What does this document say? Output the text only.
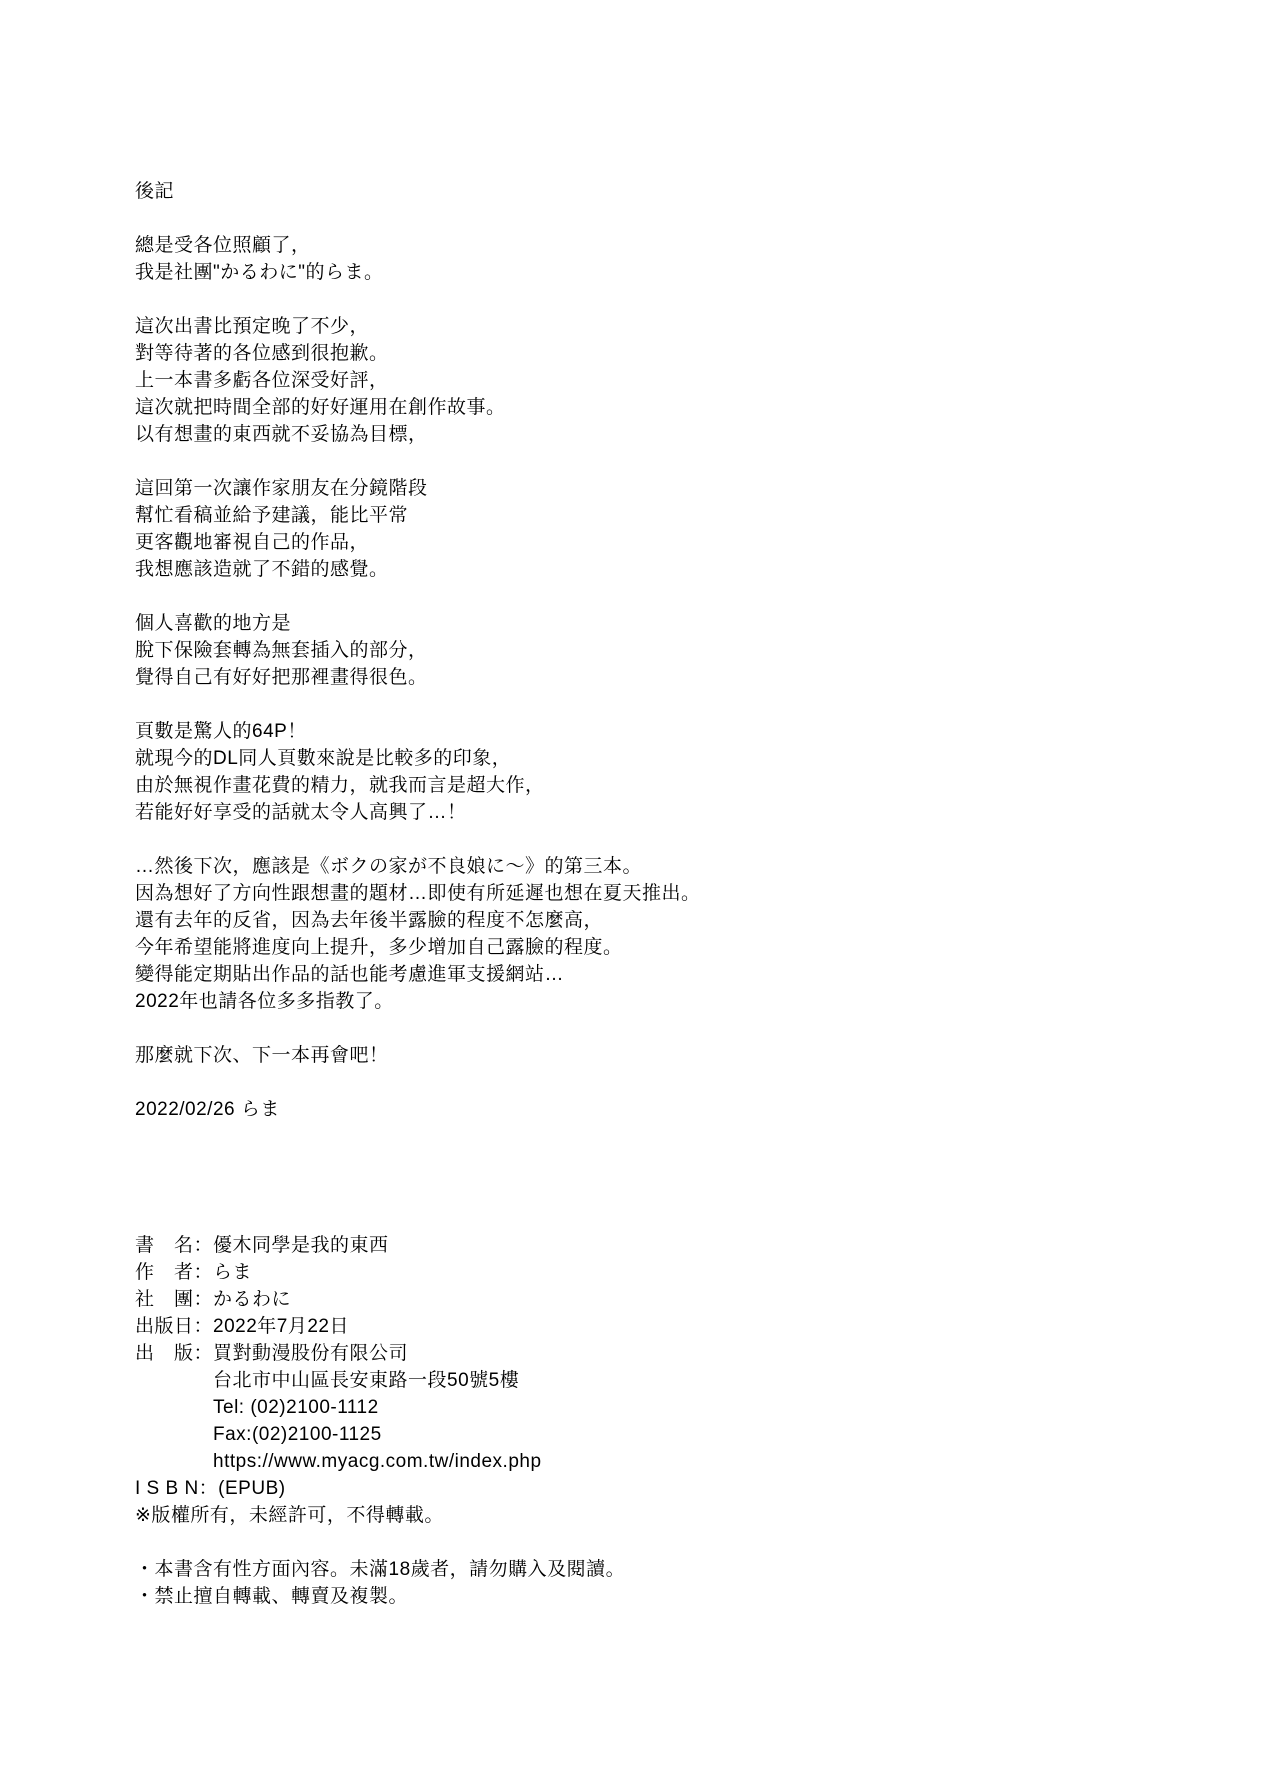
後記
總是受各位照顧了，
我是社團"かるわに"的らま。
這次出書比預定晚了不少，
對等待著的各位感到很抱歉。
上一本書多虧各位深受好評，
這次就把時間全部的好好運用在創作故事。
以有想畫的東西就不妥協為目標，
這回第一次讓作家朋友在分鏡階段
幫忙看稿並給予建議，能比平常
更客觀地審視自己的作品，
我想應該造就了不錯的感覺。
個人喜歡的地方是
脫下保險套轉為無套插入的部分，
覺得自己有好好把那裡畫得很色。
頁數是驚人的64P！
就現今的DL同人頁數來說是比較多的印象，
由於無視作畫花費的精力，就我而言是超大作，
若能好好享受的話就太令人高興了…！
…然後下次，應該是《ボクの家が不良娘に～》的第三本。
因為想好了方向性跟想畫的題材…即使有所延遲也想在夏天推出。
還有去年的反省，因為去年後半露臉的程度不怎麼高，
今年希望能將進度向上提升，多少增加自己露臉的程度。
變得能定期貼出作品的話也能考慮進軍支援網站…
2022年也請各位多多指教了。
那麼就下次、下一本再會吧！
2022/02/26 らま
書　名：優木同學是我的東西
作　者：らま
社　團：かるわに
出版日：2022年7月22日
出　版：買對動漫股份有限公司
台北市中山區長安東路一段50號5樓
Tel: (02)2100-1112
Fax:(02)2100-1125
https://www.myacg.com.tw/index.php
I S B N：(EPUB)
※版權所有，未經許可，不得轉載。
・本書含有性方面內容。未滿18歲者，請勿購入及閱讀。
・禁止擅自轉載、轉賣及複製。
